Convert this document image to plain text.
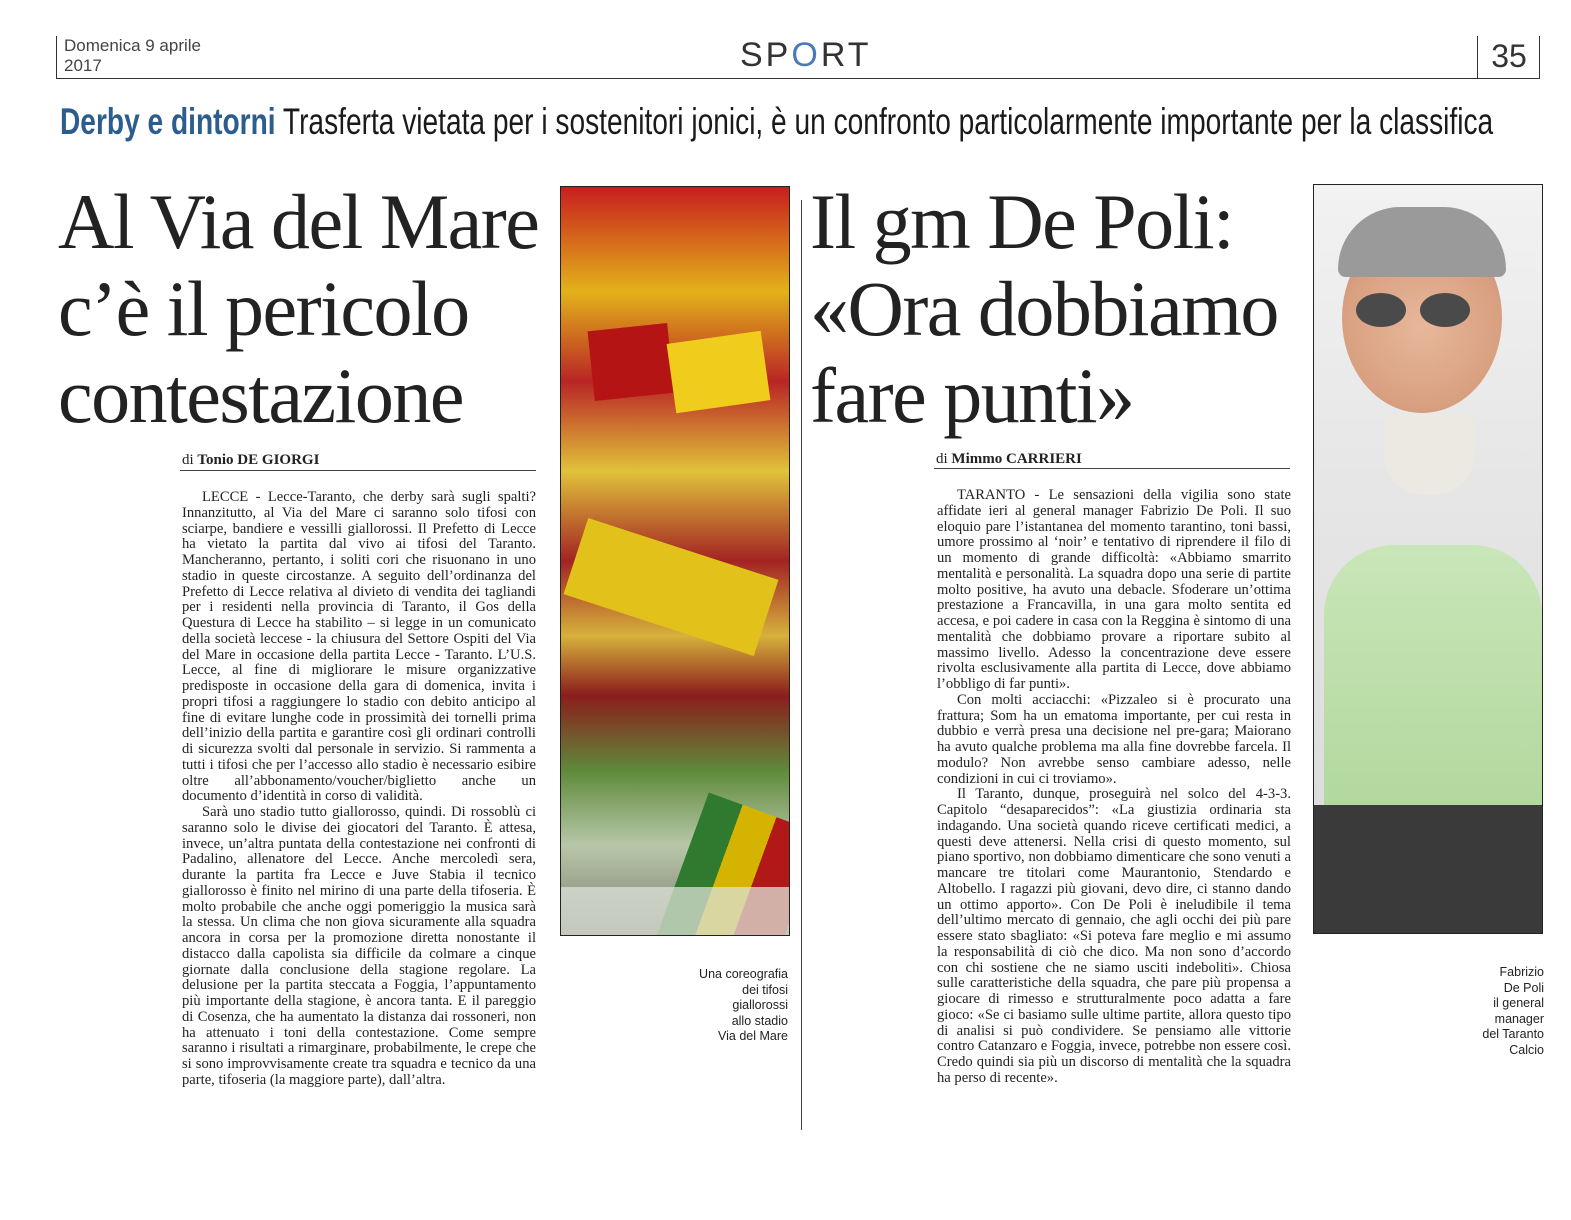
Domenica 9 aprile
2017	SPORT	35
Derby e dintorni Trasferta vietata per i sostenitori jonici, è un confronto particolarmente importante per la classifica
Al Via del Mare
c’è il pericolo
contestazione
di Tonio DE GIORGI

LECCE - Lecce-Taranto, che derby sarà sugli spalti? Innanzitutto, al Via del Mare ci saranno solo tifosi con sciarpe, bandiere e vessilli giallorossi. Il Prefetto di Lecce ha vietato la partita dal vivo ai tifosi del Taranto. Mancheranno, pertanto, i soliti cori che risuonano in uno stadio in queste circostanze. A seguito dell’ordinanza del Prefetto di Lecce relativa al divieto di vendita dei tagliandi per i residenti nella provincia di Taranto, il Gos della Questura di Lecce ha stabilito – si legge in un comunicato della società leccese - la chiusura del Settore Ospiti del Via del Mare in occasione della partita Lecce - Taranto. L’U.S. Lecce, al fine di migliorare le misure organizzative predisposte in occasione della gara di domenica, invita i propri tifosi a raggiungere lo stadio con debito anticipo al fine di evitare lunghe code in prossimità dei tornelli prima dell’inizio della partita e garantire così gli ordinari controlli di sicurezza svolti dal personale in servizio. Si rammenta a tutti i tifosi che per l’accesso allo stadio è necessario esibire oltre all’abbonamento/voucher/biglietto anche un documento d’identità in corso di validità.

Sarà uno stadio tutto giallorosso, quindi. Di rossoblù ci saranno solo le divise dei giocatori del Taranto. È attesa, invece, un’altra puntata della contestazione nei confronti di Padalino, allenatore del Lecce. Anche mercoledì sera, durante la partita fra Lecce e Juve Stabia il tecnico giallorosso è finito nel mirino di una parte della tifoseria. È molto probabile che anche oggi pomeriggio la musica sarà la stessa. Un clima che non giova sicuramente alla squadra ancora in corsa per la promozione diretta nonostante il distacco dalla capolista sia difficile da colmare a cinque giornate dalla conclusione della stagione regolare. La delusione per la partita steccata a Foggia, l’appuntamento più importante della stagione, è ancora tanta. E il pareggio di Cosenza, che ha aumentato la distanza dai rossoneri, non ha attenuato i toni della contestazione. Come sempre saranno i risultati a rimarginare, probabilmente, le crepe che si sono improvvisamente create tra squadra e tecnico da una parte, tifoseria (la maggiore parte), dall’altra.

Una coreografia
dei tifosi
giallorossi
allo stadio
Via del Mare
Il gm De Poli:
«Ora dobbiamo
fare punti»
di Mimmo CARRIERI

TARANTO - Le sensazioni della vigilia sono state affidate ieri al general manager Fabrizio De Poli. Il suo eloquio pare l’istantanea del momento tarantino, toni bassi, umore prossimo al ‘noir’ e tentativo di riprendere il filo di un momento di grande difficoltà: «Abbiamo smarrito mentalità e personalità. La squadra dopo una serie di partite molto positive, ha avuto una debacle. Sfoderare un’ottima prestazione a Francavilla, in una gara molto sentita ed accesa, e poi cadere in casa con la Reggina è sintomo di una mentalità che dobbiamo provare a riportare subito al massimo livello. Adesso la concentrazione deve essere rivolta esclusivamente alla partita di Lecce, dove abbiamo l’obbligo di far punti».

Con molti acciacchi: «Pizzaleo si è procurato una frattura; Som ha un ematoma importante, per cui resta in dubbio e verrà presa una decisione nel pre-gara; Maiorano ha avuto qualche problema ma alla fine dovrebbe farcela. Il modulo? Non avrebbe senso cambiare adesso, nelle condizioni in cui ci troviamo».

Il Taranto, dunque, proseguirà nel solco del 4-3-3. Capitolo “desaparecidos”: «La giustizia ordinaria sta indagando. Una società quando riceve certificati medici, a questi deve attenersi. Nella crisi di questo momento, sul piano sportivo, non dobbiamo dimenticare che sono venuti a mancare tre titolari come Maurantonio, Stendardo e Altobello. I ragazzi più giovani, devo dire, ci stanno dando un ottimo apporto». Con De Poli è ineludibile il tema dell’ultimo mercato di gennaio, che agli occhi dei più pare essere stato sbagliato: «Si poteva fare meglio e mi assumo la responsabilità di ciò che dico. Ma non sono d’accordo con chi sostiene che ne siamo usciti indeboliti». Chiosa sulle caratteristiche della squadra, che pare più propensa a giocare di rimesso e strutturalmente poco adatta a fare gioco: «Se ci basiamo sulle ultime partite, allora questo tipo di analisi si può condividere. Se pensiamo alle vittorie contro Catanzaro e Foggia, invece, potrebbe non essere così. Credo quindi sia più un discorso di mentalità che la squadra ha perso di recente».

Fabrizio
De Poli
il general
manager
del Taranto
Calcio
